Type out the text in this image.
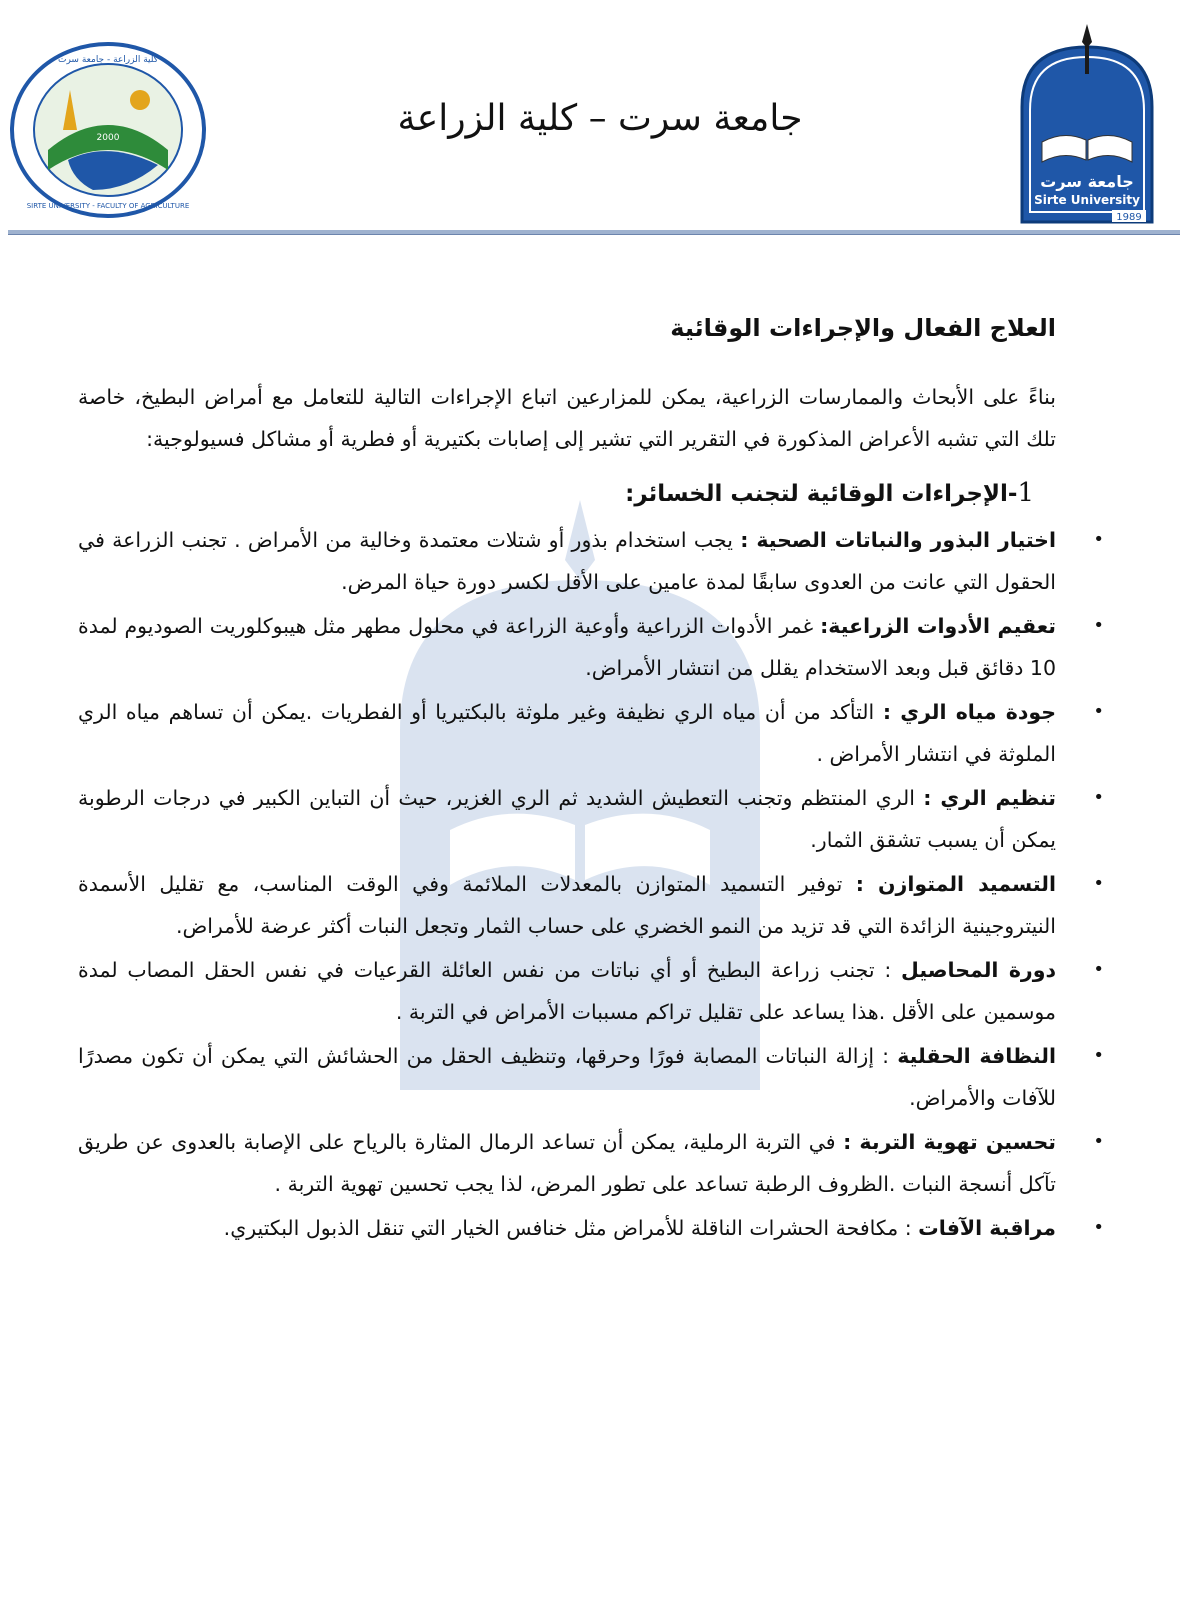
جامعة سرت
Sirte University
1989
جامعة سرت – كلية الزراعة
2000
كلية الزراعة - جامعة سرت
SIRTE UNIVERSITY - FACULTY OF AGRICULTURE
العلاج الفعال والإجراءات الوقائية

بناءً على الأبحاث والممارسات الزراعية، يمكن للمزارعين اتباع الإجراءات التالية للتعامل مع أمراض البطيخ، خاصة تلك التي تشبه الأعراض المذكورة في التقرير التي تشير إلى إصابات بكتيرية أو فطرية أو مشاكل فسيولوجية:

1-الإجراءات الوقائية لتجنب الخسائر:
•
اختيار البذور والنباتات الصحية : يجب استخدام بذور أو شتلات معتمدة وخالية من الأمراض . تجنب الزراعة في الحقول التي عانت من العدوى سابقًا لمدة عامين على الأقل لكسر دورة حياة المرض.
•
تعقيم الأدوات الزراعية: غمر الأدوات الزراعية وأوعية الزراعة في محلول مطهر مثل هيبوكلوريت الصوديوم لمدة 10 دقائق قبل وبعد الاستخدام يقلل من انتشار الأمراض.
•
جودة مياه الري : التأكد من أن مياه الري نظيفة وغير ملوثة بالبكتيريا أو الفطريات .يمكن أن تساهم مياه الري الملوثة في انتشار الأمراض .
•
تنظيم الري : الري المنتظم وتجنب التعطيش الشديد ثم الري الغزير، حيث أن التباين الكبير في درجات الرطوبة يمكن أن يسبب تشقق الثمار.
•
التسميد المتوازن : توفير التسميد المتوازن بالمعدلات الملائمة وفي الوقت المناسب، مع تقليل الأسمدة النيتروجينية الزائدة التي قد تزيد من النمو الخضري على حساب الثمار وتجعل النبات أكثر عرضة للأمراض.
•
دورة المحاصيل : تجنب زراعة البطيخ أو أي نباتات من نفس العائلة القرعيات في نفس الحقل المصاب لمدة موسمين على الأقل .هذا يساعد على تقليل تراكم مسببات الأمراض في التربة .
•
النظافة الحقلية : إزالة النباتات المصابة فورًا وحرقها، وتنظيف الحقل من الحشائش التي يمكن أن تكون مصدرًا للآفات والأمراض.
•
تحسين تهوية التربة : في التربة الرملية، يمكن أن تساعد الرمال المثارة بالرياح على الإصابة بالعدوى عن طريق تآكل أنسجة النبات .الظروف الرطبة تساعد على تطور المرض، لذا يجب تحسين تهوية التربة .
•
مراقبة الآفات : مكافحة الحشرات الناقلة للأمراض مثل خنافس الخيار التي تنقل الذبول البكتيري.
